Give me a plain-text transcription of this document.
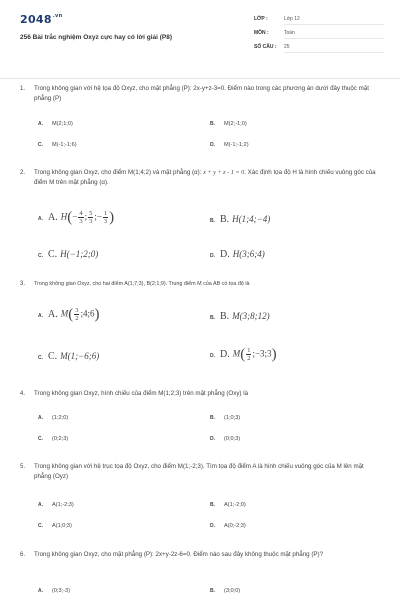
$2048^{.vn}$
256 Bài trắc nghiệm Oxyz cực hay có lời giải (P8)
LỚP :	Lớp 12
MÔN :	Toán
SỐ CÂU : 25
1. Trong không gian với hệ tọa độ Oxyz, cho mặt phẳng (P): 2x-y+z-3=0. Điểm nào trong các phương án dưới đây thuộc mặt phẳng (P)
A. M(2;1;0)	B. M(2;-1;0)
C. M(-1;-1;6)	D. M(-1;-1;2)
2. Trong không gian Oxyz, cho điểm M(1;4;2) và mặt phẳng (α): x + y + z - 1 = 0. Xác định tọa độ H là hình chiếu vuông góc của điểm M trên mặt phẳng (α).
A. A. $H(- \frac{4}{3}$ ; $\frac{5}{3}$ ;− $\frac{1}{3}$ )	B. B. H(1;4;−4)
C. C. H(−1;2;0)	D. D. H(3;6;4)
3. Trong không gian Oxyz, cho hai điểm A(1;7;3), B(2;1;9). Trung điểm M của AB có tọa độ là
A. A. $M( \frac{3}{2}$ ;4;6)	B. B. M(3;8;12)
C. C. M(1;−6;6)	D. D. $M( \frac{1}{2}$ ;−3;3)
4. Trong không gian Oxyz, hình chiếu của điểm M(1;2;3) trên mặt phẳng (Oxy) là
A. (1;2;0)	B. (1;0;3)
C. (0;2;3)	D. (0;0;3)
5. Trong không gian với hệ trục tọa độ Oxyz, cho điểm M(1;-2;3). Tìm tọa độ điểm A là hình chiếu vuông góc của M lên mặt phẳng (Oyz)
A. A(1;-2;3)	B. A(1;-2;0)
C. A(1;0;3)	D. A(0;-2;3)
6. Trong không gian Oxyz, cho mặt phẳng (P): 2x+y-2z-6=0. Điểm nào sau đây không thuộc mặt phẳng (P)?
A. (0;3;-3)	B. (3;0;0)
